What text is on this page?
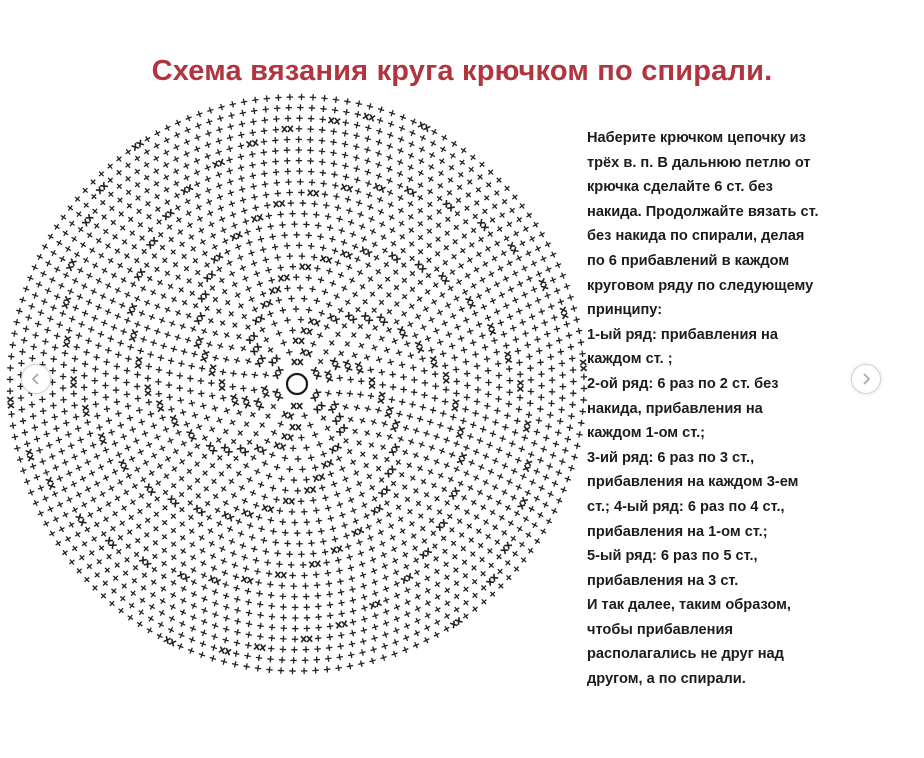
Схема вязания круга крючком по спирали.
Наберите крючком цепочку из
трёх в. п. В дальнюю петлю от
крючка сделайте 6 ст. без
накида. Продолжайте вязать ст.
без накида по спирали, делая
по 6 прибавлений в каждом
круговом ряду по следующему
принципу:
1-ый ряд: прибавления на
каждом ст. ;
2-ой ряд: 6 раз по 2 ст. без
накида, прибавления на
каждом 1-ом ст.;
3-ий ряд: 6 раз по 3 ст.,
прибавления на каждом 3-ем
ст.; 4-ый ряд: 6 раз по 4 ст.,
прибавления на 1-ом ст.;
5-ый ряд: 6 раз по 5 ст.,
прибавления на 3 ст.
И так далее, таким образом,
чтобы прибавления
располагались не друг над
другом, а по спирали.
